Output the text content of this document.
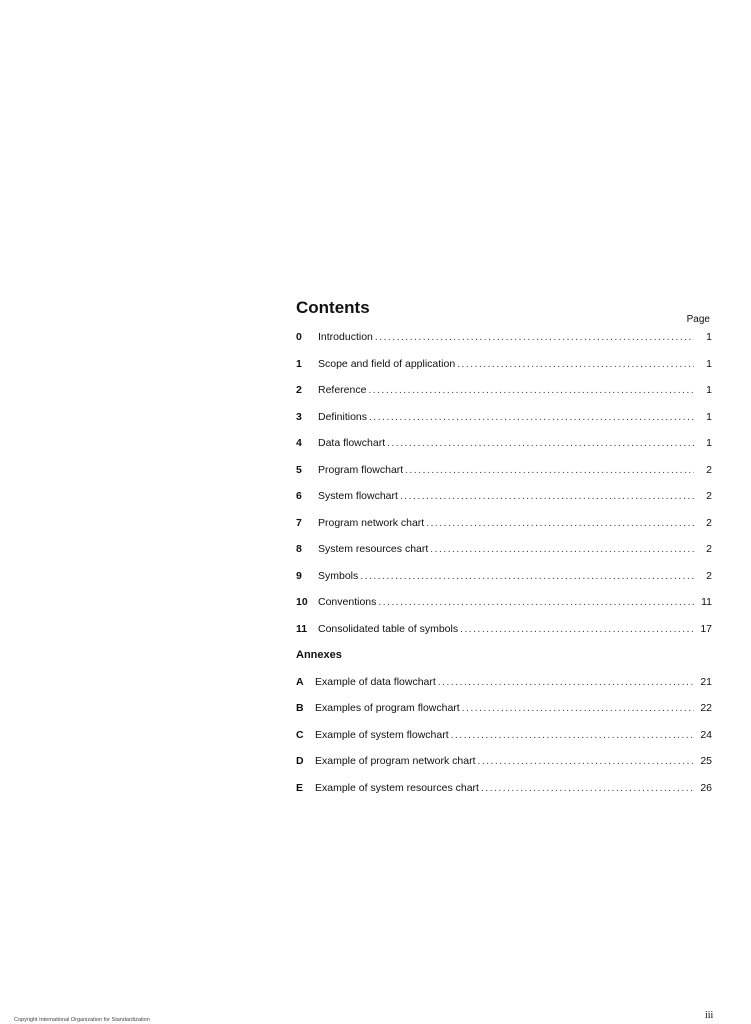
Contents
Page
0	Introduction . . .	1
1	Scope and field of application . . .	1
2	Reference . . .	1
3	Definitions . . .	1
4	Data flowchart . . .	1
5	Program flowchart . . .	2
6	System flowchart . . .	2
7	Program network chart . . .	2
8	System resources chart . . .	2
9	Symbols . . .	2
10 Conventions . . .	11
11	Consolidated table of symbols . . .	17
Annexes
A	Example of data flowchart . . .	21
B	Examples of program flowchart . . .	22
C	Example of system flowchart . . .	24
D	Example of program network chart . . .	25
E	Example of system resources chart . . .	26
Copyright International Organization for Standardization	iii
